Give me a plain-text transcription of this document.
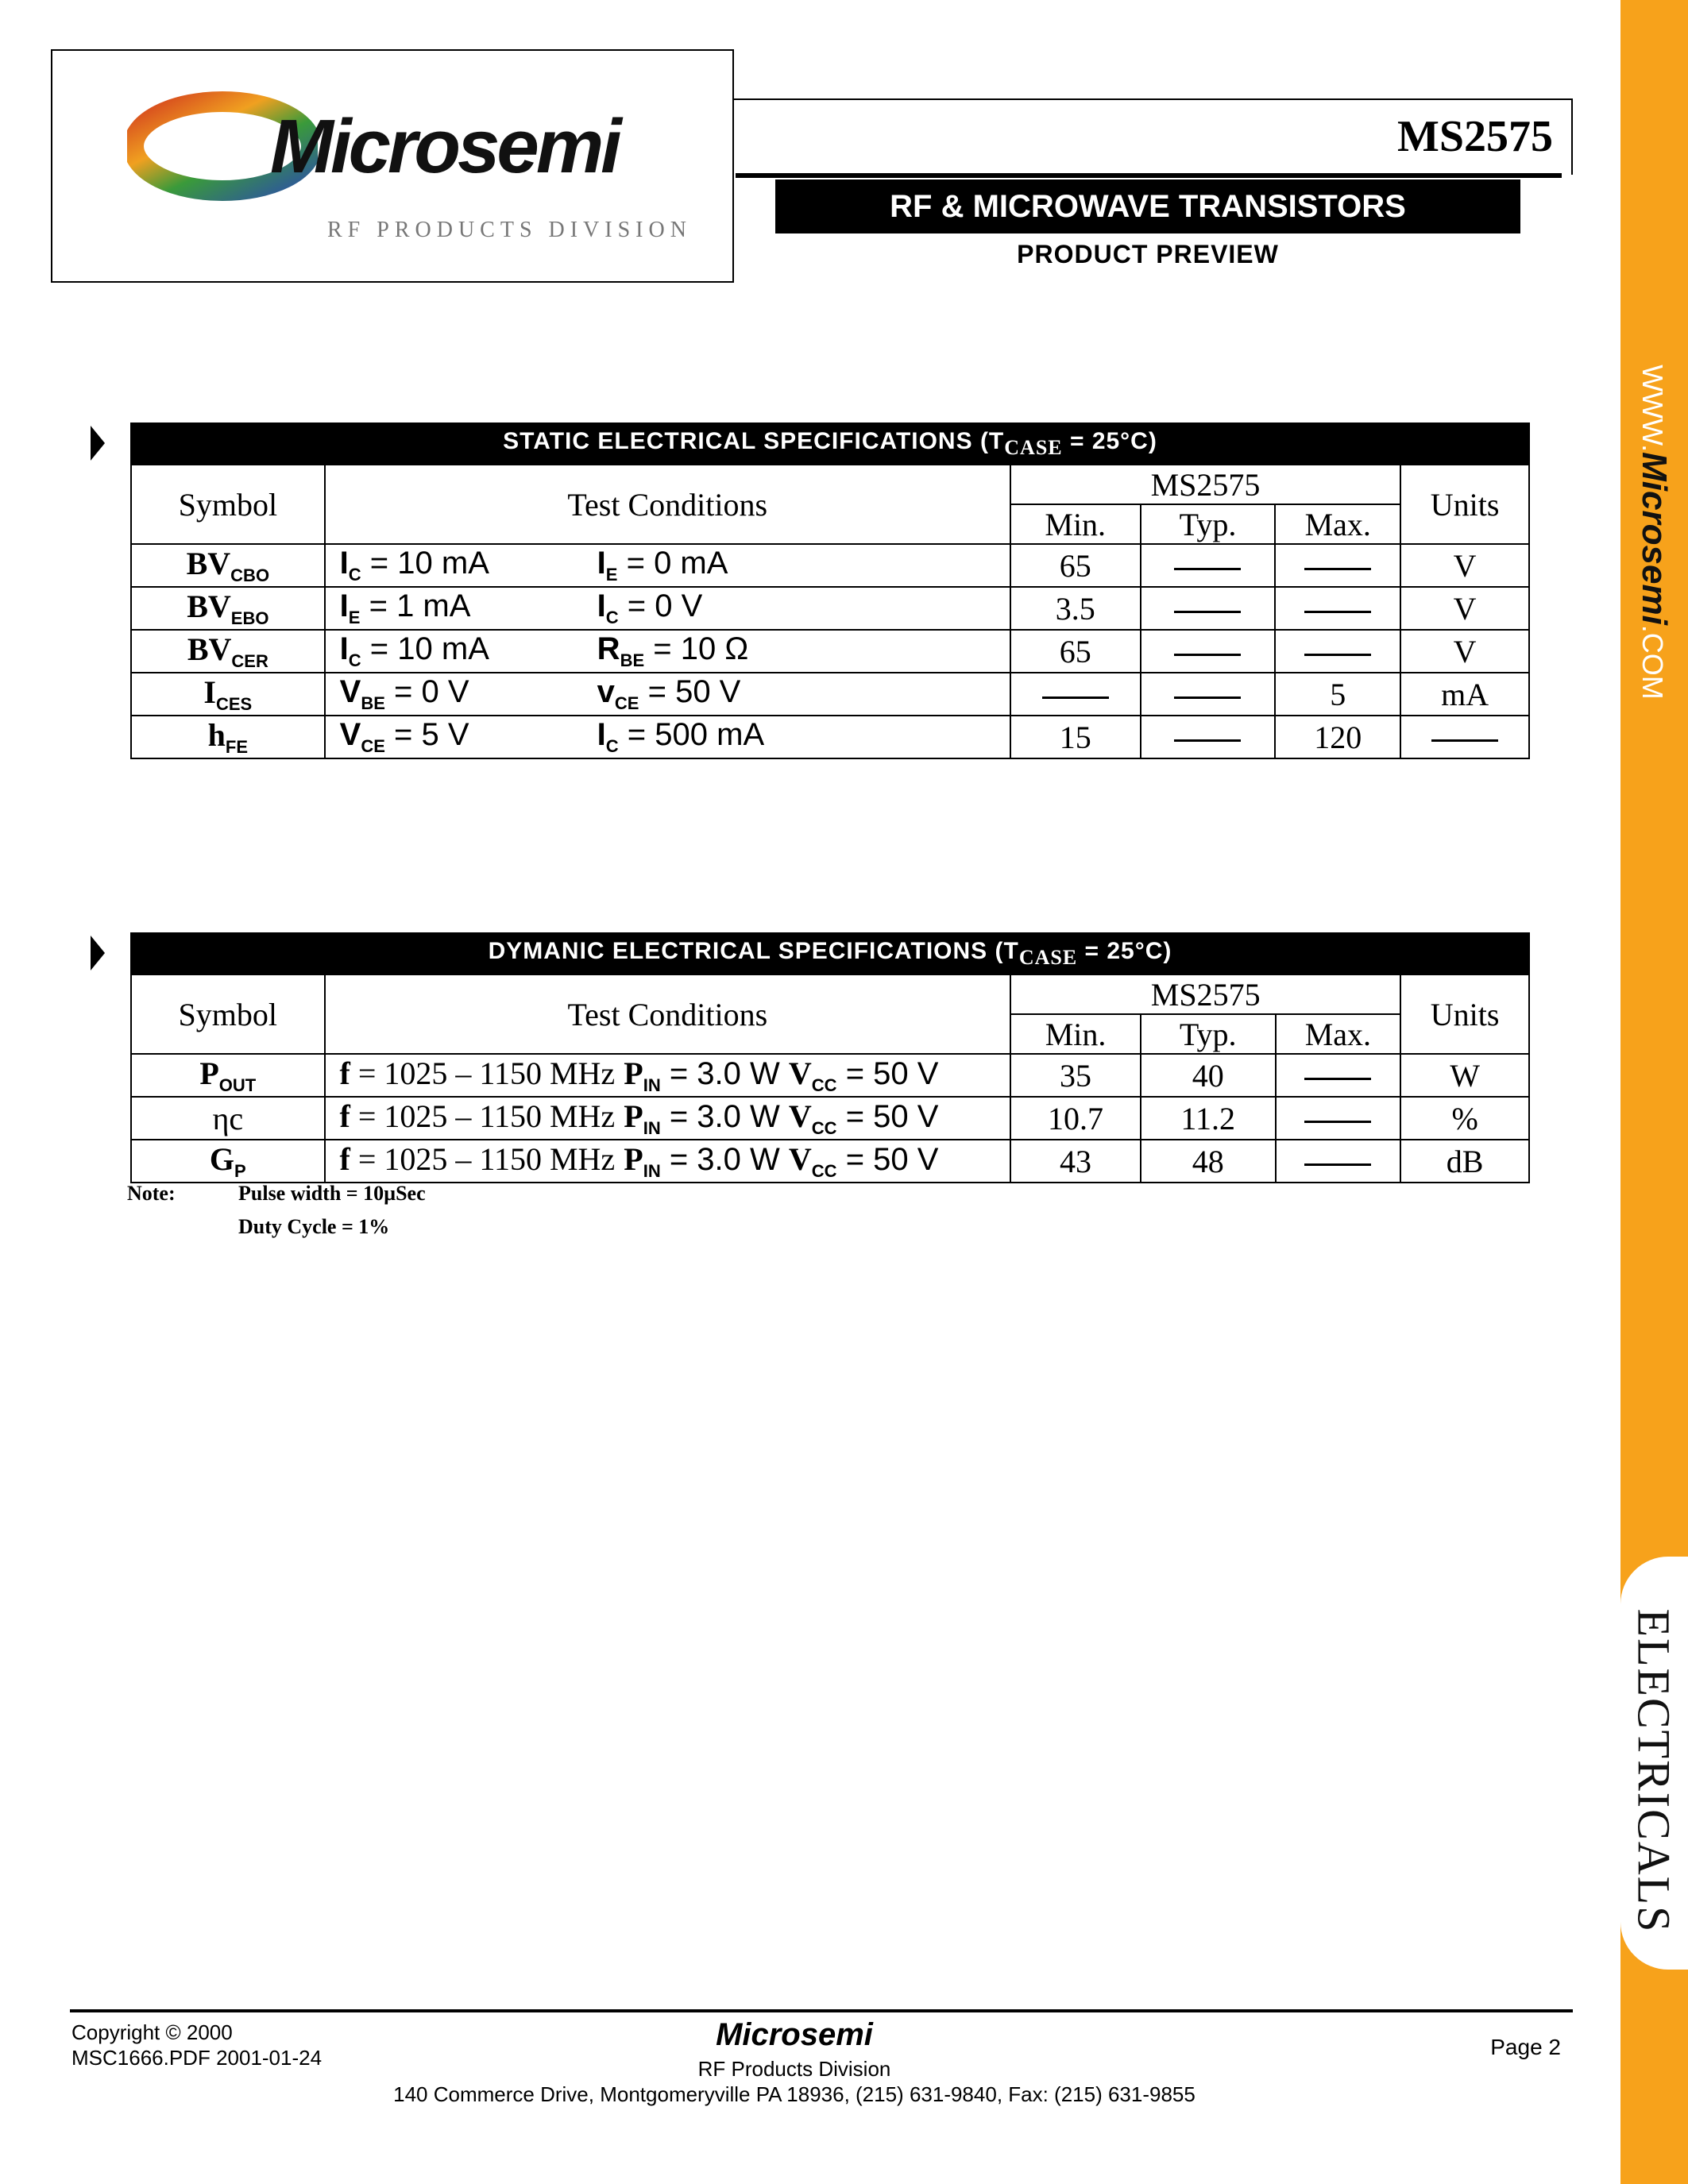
Microsemi
RF PRODUCTS DIVISION
MS2575
RF & MICROWAVE TRANSISTORS
PRODUCT PREVIEW
WWW.Microsemi.COM
ELECTRICALS
STATIC ELECTRICAL SPECIFICATIONS $(T_{CASE} = 25^\circ C)$					
Symbol	Test Conditions	MS2575			Units
		Min.	Typ.	Max.	
$BV_{CBO}$	$I_C = 10$ mA $I_E = 0$ mA	65			V
$BV_{EBO}$	$I_E = 1$ mA $I_C = 0$ V	3.5			V
$BV_{CER}$	$I_C = 10$ mA $R_{BE} = 10$ Ω	65			V
$I_{CES}$	$V_{BE} = 0$ V $v_{CE} = 50$ V			5	mA
$h_{FE}$	$V_{CE} = 5$ V $I_C = 500$ mA	15		120	
DYMANIC ELECTRICAL SPECIFICATIONS $(T_{CASE} = 25^\circ C)$					
Symbol	Test Conditions	MS2575			Units
		Min.	Typ.	Max.	
$P_{OUT}$	f = 1025 – 1150 MHz $P_{IN} = 3.0$ W $V_{CC} = 50$ V	35	40		W
ηc	f = 1025 – 1150 MHz $P_{IN} = 3.0$ W $V_{CC} = 50$ V	10.7	11.2		%
$G_P$	f = 1025 – 1150 MHz $P_{IN} = 3.0$ W $V_{CC} = 50$ V	43	48		dB
Note:	Pulse width = 10µSec
Duty Cycle = 1%
Copyright © 2000
MSC1666.PDF 2001-01-24
Microsemi
RF Products Division
140 Commerce Drive, Montgomeryville PA 18936, (215) 631-9840, Fax: (215) 631-9855
Page 2
